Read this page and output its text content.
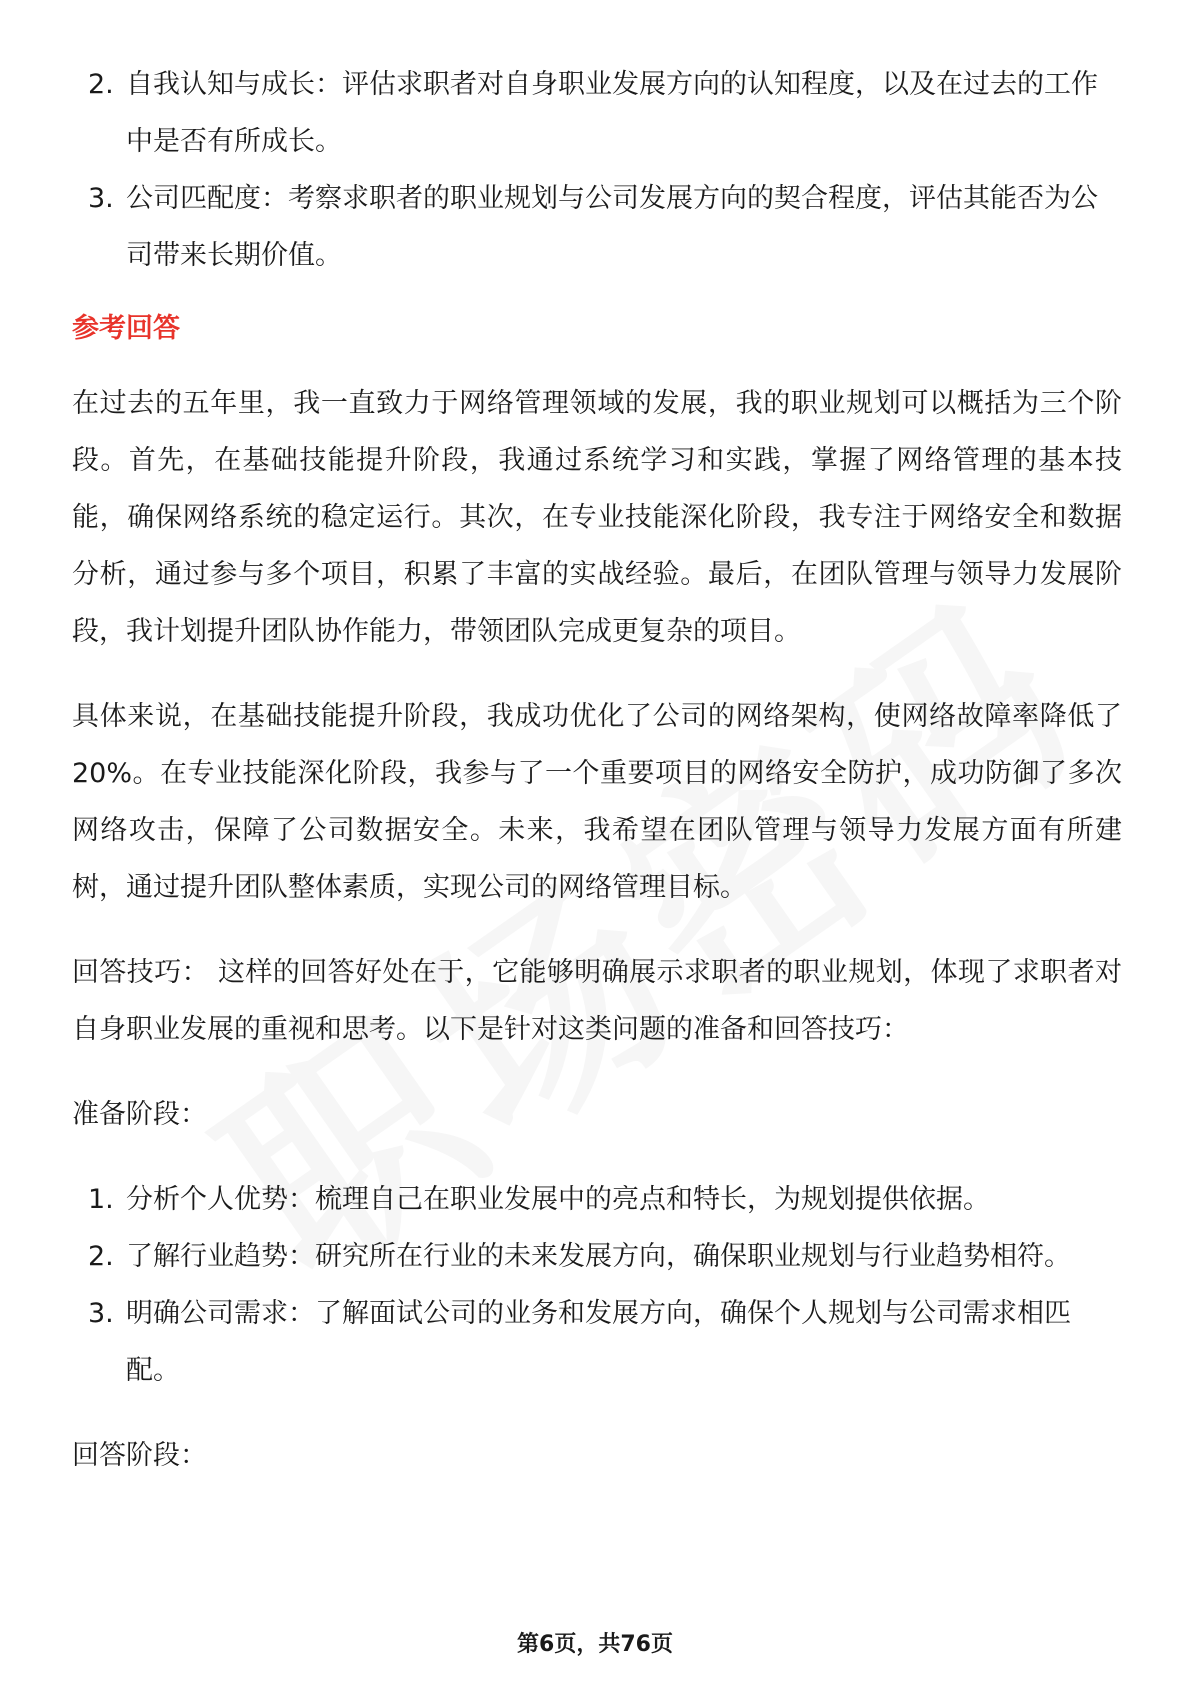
2. 自我认知与成长：评估求职者对自身职业发展方向的认知程度，以及在过去的工作中是否有所成长。
3. 公司匹配度：考察求职者的职业规划与公司发展方向的契合程度，评估其能否为公司带来长期价值。
参考回答

在过去的五年里，我一直致力于网络管理领域的发展，我的职业规划可以概括为三个阶段。首先，在基础技能提升阶段，我通过系统学习和实践，掌握了网络管理的基本技能，确保网络系统的稳定运行。其次，在专业技能深化阶段，我专注于网络安全和数据分析，通过参与多个项目，积累了丰富的实战经验。最后，在团队管理与领导力发展阶段，我计划提升团队协作能力，带领团队完成更复杂的项目。

具体来说，在基础技能提升阶段，我成功优化了公司的网络架构，使网络故障率降低了20%。在专业技能深化阶段，我参与了一个重要项目的网络安全防护，成功防御了多次网络攻击，保障了公司数据安全。未来，我希望在团队管理与领导力发展方面有所建树，通过提升团队整体素质，实现公司的网络管理目标。

回答技巧： 这样的回答好处在于，它能够明确展示求职者的职业规划，体现了求职者对自身职业发展的重视和思考。以下是针对这类问题的准备和回答技巧：

准备阶段：
1. 分析个人优势：梳理自己在职业发展中的亮点和特长，为规划提供依据。
2. 了解行业趋势：研究所在行业的未来发展方向，确保职业规划与行业趋势相符。
3. 明确公司需求：了解面试公司的业务和发展方向，确保个人规划与公司需求相匹配。
回答阶段：
第6页，共76页
